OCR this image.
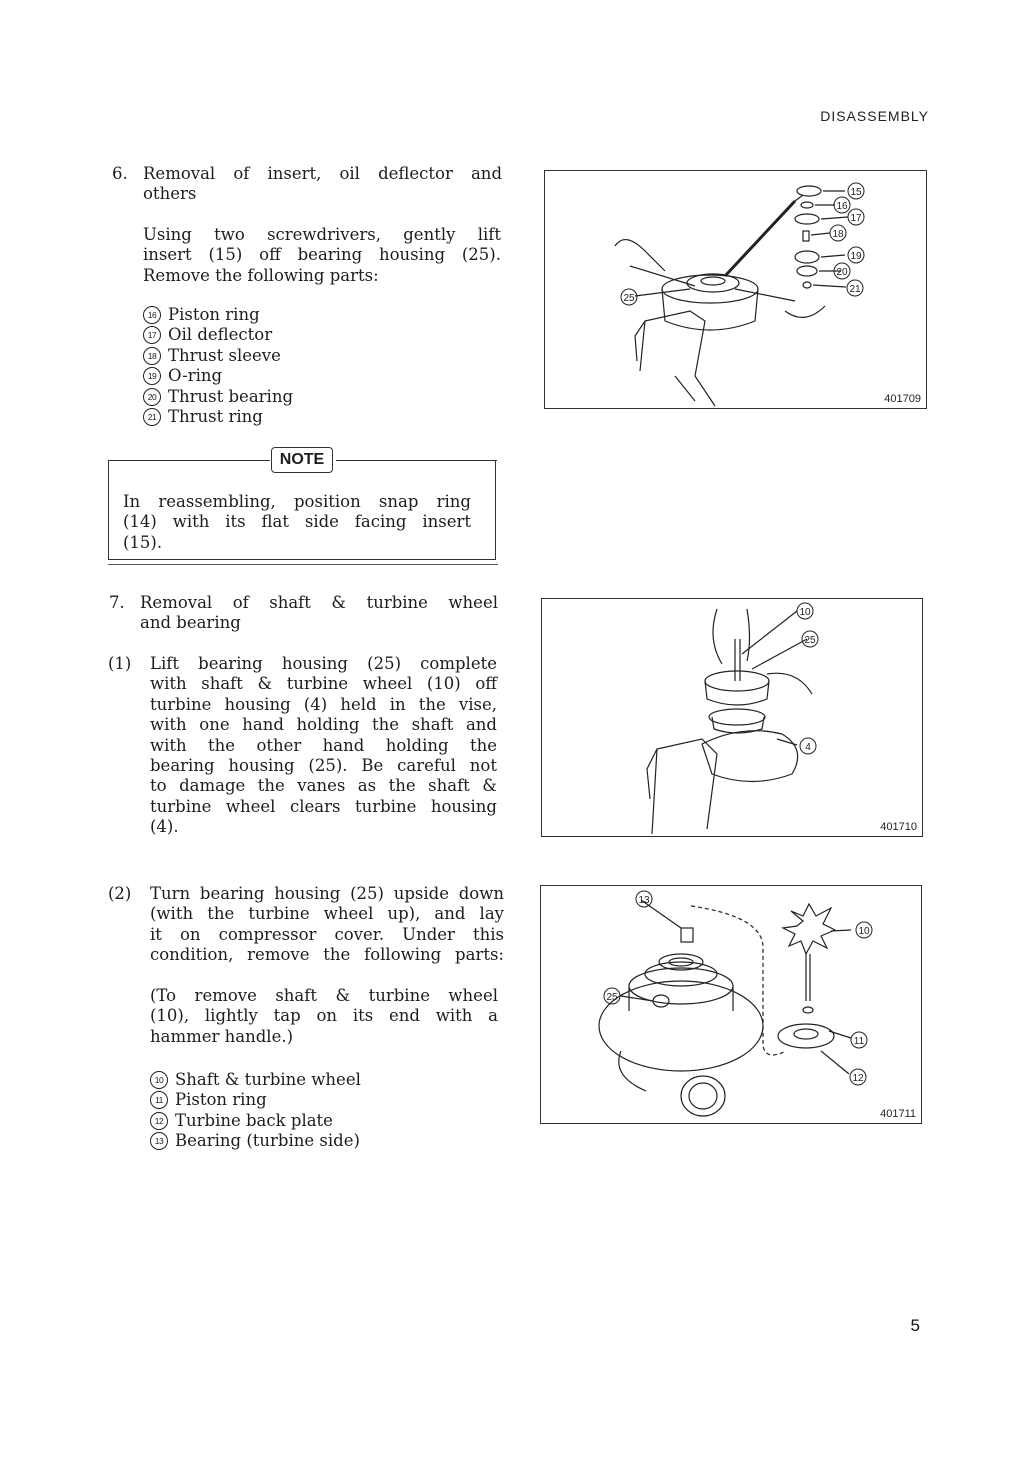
DISASSEMBLY
6. Removal of insert, oil deflector and
others
Using two screwdrivers, gently lift
insert (15) off bearing housing (25).
Remove the following parts:
16 Piston ring
17 Oil deflector
18 Thrust sleeve
19 O-ring
20 Thrust bearing
21 Thrust ring
NOTE
In reassembling, position snap ring
(14) with its flat side facing insert
(15).
7. Removal of shaft & turbine wheel
and bearing
(1)	Lift bearing housing (25) complete
with shaft & turbine wheel (10) off
turbine housing (4) held in the vise,
with one hand holding the shaft and
with the other hand holding the
bearing housing (25). Be careful not
to damage the vanes as the shaft &
turbine wheel clears turbine housing
(4).
(2)	Turn bearing housing (25) upside down
(with the turbine wheel up), and lay
it on compressor cover. Under this
condition, remove the following parts:
(To remove shaft & turbine wheel
(10), lightly tap on its end with a
hammer handle.)
10 Shaft & turbine wheel
11 Piston ring
12 Turbine back plate
13 Bearing (turbine side)
15
16
17
18
19
20
21
25
401709
10
25
4
401710
13
10
25
11
12
401711
5
